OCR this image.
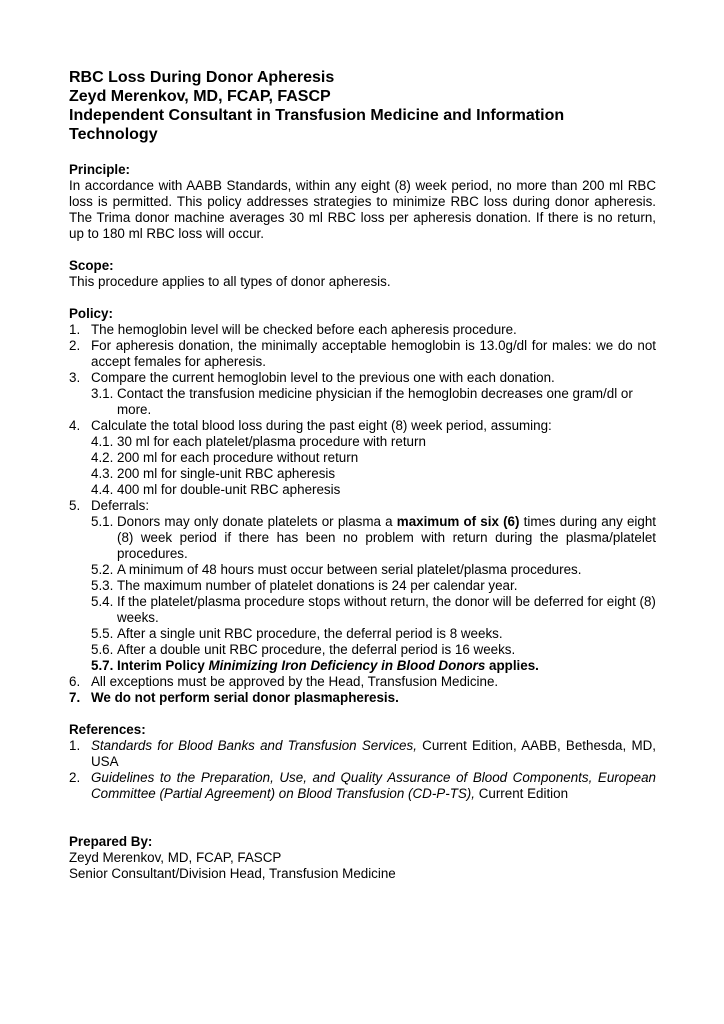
RBC Loss During Donor Apheresis
Zeyd Merenkov, MD, FCAP, FASCP
Independent Consultant in Transfusion Medicine and Information Technology
Principle:

In accordance with AABB Standards, within any eight (8) week period, no more than 200 ml RBC loss is permitted. This policy addresses strategies to minimize RBC loss during donor apheresis. The Trima donor machine averages 30 ml RBC loss per apheresis donation. If there is no return, up to 180 ml RBC loss will occur.

Scope:

This procedure applies to all types of donor apheresis.

Policy:
1. The hemoglobin level will be checked before each apheresis procedure.
2. For apheresis donation, the minimally acceptable hemoglobin is 13.0g/dl for males: we do not accept females for apheresis.
3. Compare the current hemoglobin level to the previous one with each donation.
3.1. Contact the transfusion medicine physician if the hemoglobin decreases one gram/dl or more.
4. Calculate the total blood loss during the past eight (8) week period, assuming:
4.1. 30 ml for each platelet/plasma procedure with return
4.2. 200 ml for each procedure without return
4.3. 200 ml for single-unit RBC apheresis
4.4. 400 ml for double-unit RBC apheresis
5. Deferrals:
5.1. Donors may only donate platelets or plasma a maximum of six (6) times during any eight (8) week period if there has been no problem with return during the plasma/platelet procedures.
5.2. A minimum of 48 hours must occur between serial platelet/plasma procedures.
5.3. The maximum number of platelet donations is 24 per calendar year.
5.4. If the platelet/plasma procedure stops without return, the donor will be deferred for eight (8) weeks.
5.5. After a single unit RBC procedure, the deferral period is 8 weeks.
5.6. After a double unit RBC procedure, the deferral period is 16 weeks.
5.7. Interim Policy Minimizing Iron Deficiency in Blood Donors applies.
6. All exceptions must be approved by the Head, Transfusion Medicine.
7. We do not perform serial donor plasmapheresis.
References:
1. Standards for Blood Banks and Transfusion Services, Current Edition, AABB, Bethesda, MD, USA
2. Guidelines to the Preparation, Use, and Quality Assurance of Blood Components, European Committee (Partial Agreement) on Blood Transfusion (CD-P-TS), Current Edition
Prepared By:

Zeyd Merenkov, MD, FCAP, FASCP

Senior Consultant/Division Head, Transfusion Medicine
